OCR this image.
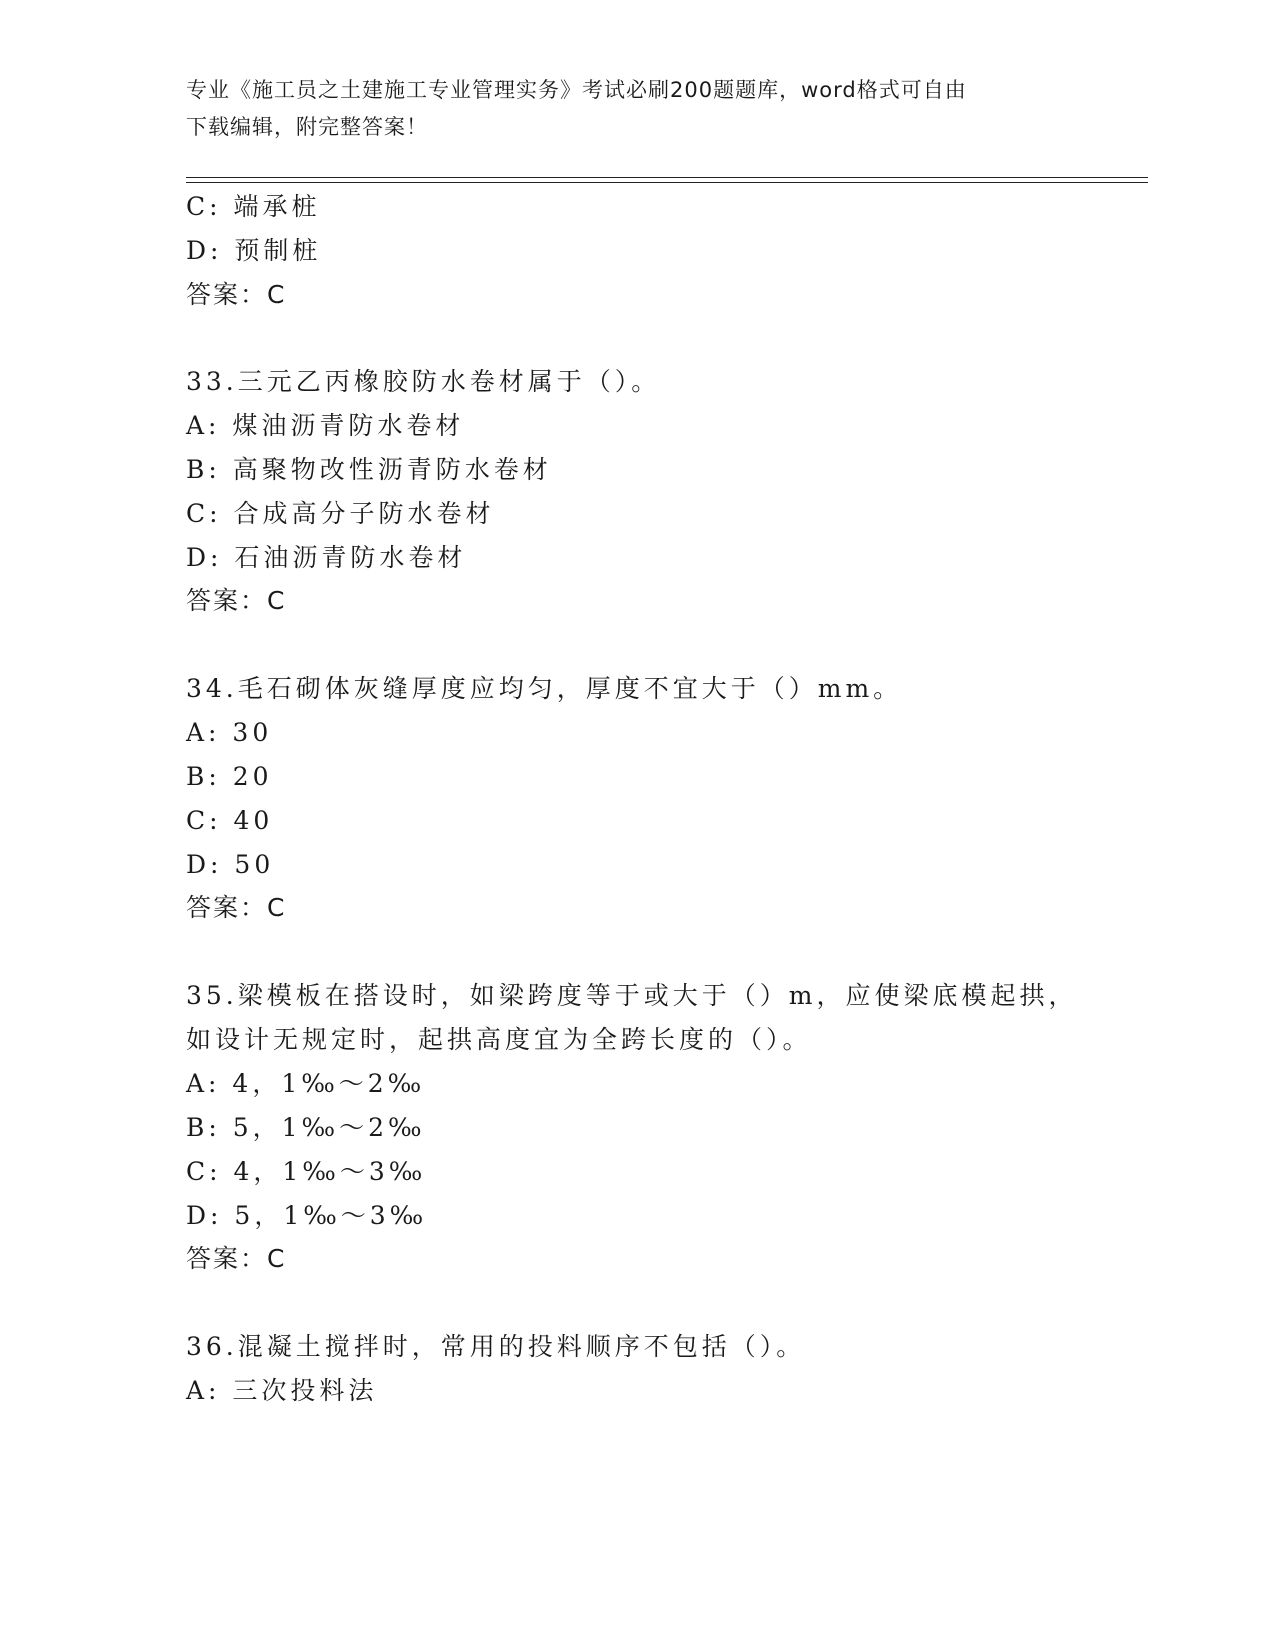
专业《施工员之土建施工专业管理实务》考试必刷200题题库，word格式可自由
下载编辑，附完整答案！
C: 端承桩
D: 预制桩
答案：C
33.三元乙丙橡胶防水卷材属于（）。
A: 煤油沥青防水卷材
B: 高聚物改性沥青防水卷材
C: 合成高分子防水卷材
D: 石油沥青防水卷材
答案：C
34.毛石砌体灰缝厚度应均匀，厚度不宜大于（）mm。
A: 30
B: 20
C: 40
D: 50
答案：C
35.梁模板在搭设时，如梁跨度等于或大于（）m，应使梁底模起拱，
如设计无规定时，起拱高度宜为全跨长度的（）。
A: 4，1‰～2‰
B: 5，1‰～2‰
C: 4，1‰～3‰
D: 5，1‰～3‰
答案：C
36.混凝土搅拌时，常用的投料顺序不包括（）。
A: 三次投料法
